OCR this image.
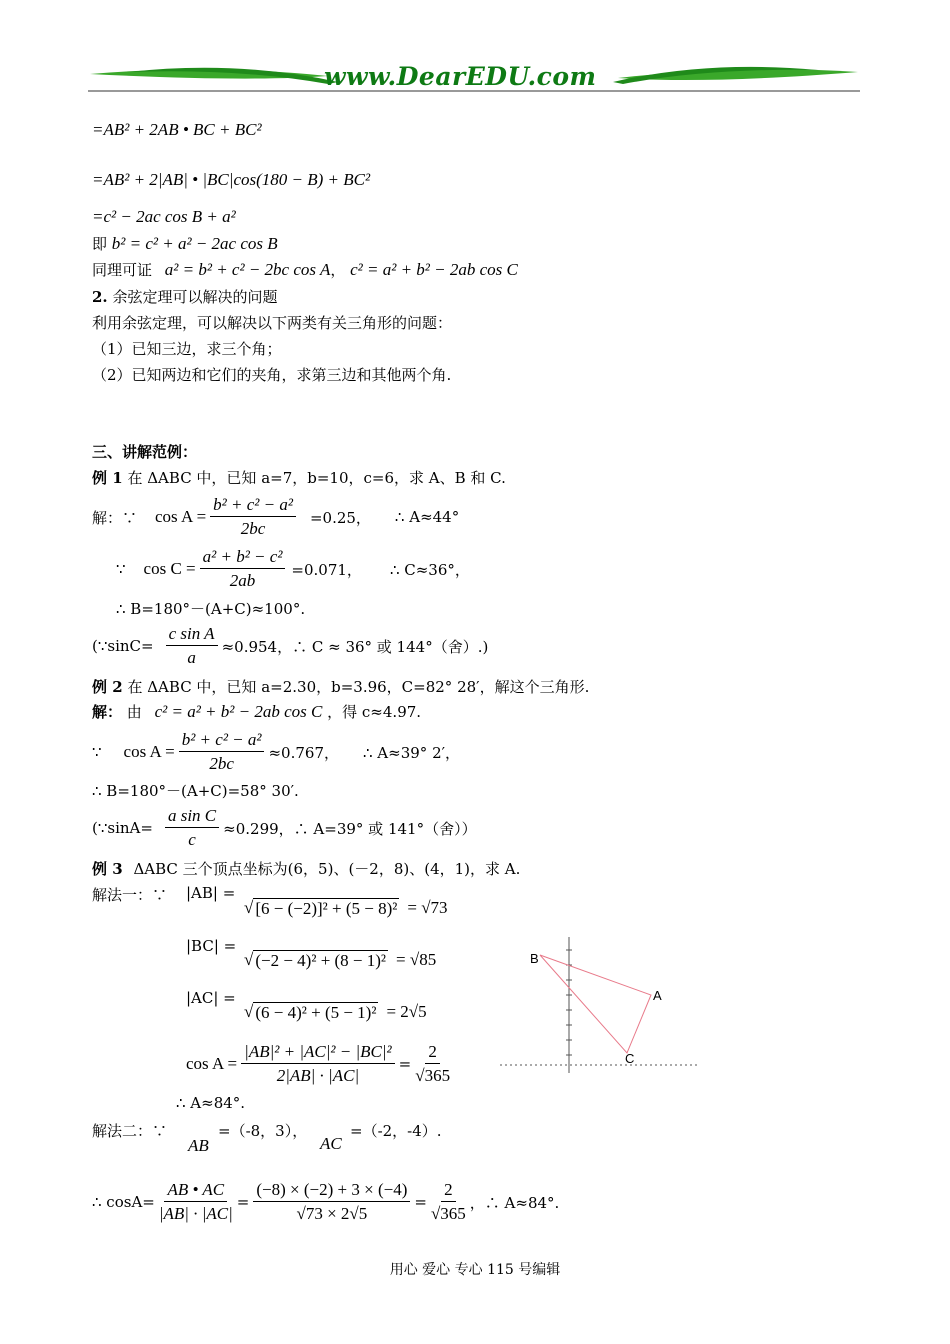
www.DearEDU.com
=AB² + 2AB • BC + BC²
=AB² + 2|AB| • |BC|cos(180 − B) + BC²
=c² − 2ac cos B + a²
即 b² = c² + a² − 2ac cos B
同理可证 a² = b² + c² − 2bc cos A， c² = a² + b² − 2ab cos C
2. 余弦定理可以解决的问题
利用余弦定理，可以解决以下两类有关三角形的问题：
（1）已知三边，求三个角；
（2）已知两边和它们的夹角，求第三边和其他两个角.
三、讲解范例：
例 1 在 ΔABC 中，已知 a=7，b=10，c=6，求 A、B 和 C.
解：∵ $\cos A = \frac{\text{b² + c² − a²}}{2bc} =0.25$， ∴ A≈44°
∵ $\cos C = \frac{\text{a² + b² − c²}}{2ab} =0.071$， ∴ C≈36°，
∴ B=180°－(A+C)≈100°.
(∵sinC= $\frac{\text{c sin A}}{a} \approx 0.954$，∴ C ≈ 36° 或 144°（舍）.)
例 2 在 ΔABC 中，已知 a=2.30，b=3.96，C=82° 28′，解这个三角形.
解： 由 c² = a² + b² − 2ab cos C ，得 c≈4.97.
∵ $\cos A = \frac{\text{b² + c² − a²}}{2bc} \approx 0.767$， ∴ A≈39° 2′，
∴ B=180°－(A+C)=58° 30′.
(∵sinA= $\frac{\text{a sin C}}{c} \approx 0.299$，∴ A=39° 或 141°（舍））
例 3 ΔABC 三个顶点坐标为(6，5)、(－2，8)、(4，1)，求 A.
解法一：∵ |AB| =
√ [6 − (−2)]² + (5 − 8)² = √73
|BC| =
√ (−2 − 4)² + (8 − 1)² = √85
|AC| =
√ (6 − 4)² + (5 − 1)² = 2√5
$\cos A = \frac{\text{|AB|² + |AC|² − |BC|²}}{2|AB| \cdot |AC|} = \frac{2}{√365}$
∴ A≈84°.
解法二：∵
AB
=（-8，3），
AC
=（-2，-4）.
∴ $\cos A= \frac{AB • AC}{|AB| \cdot |AC|} = \frac{(-8) \times (-2) + 3 \times (-4)}{√73 \times 2√5} = \frac{2}{√365}$ ，∴ A≈84°.
B
A
C
用心 爱心 专心 115 号编辑
